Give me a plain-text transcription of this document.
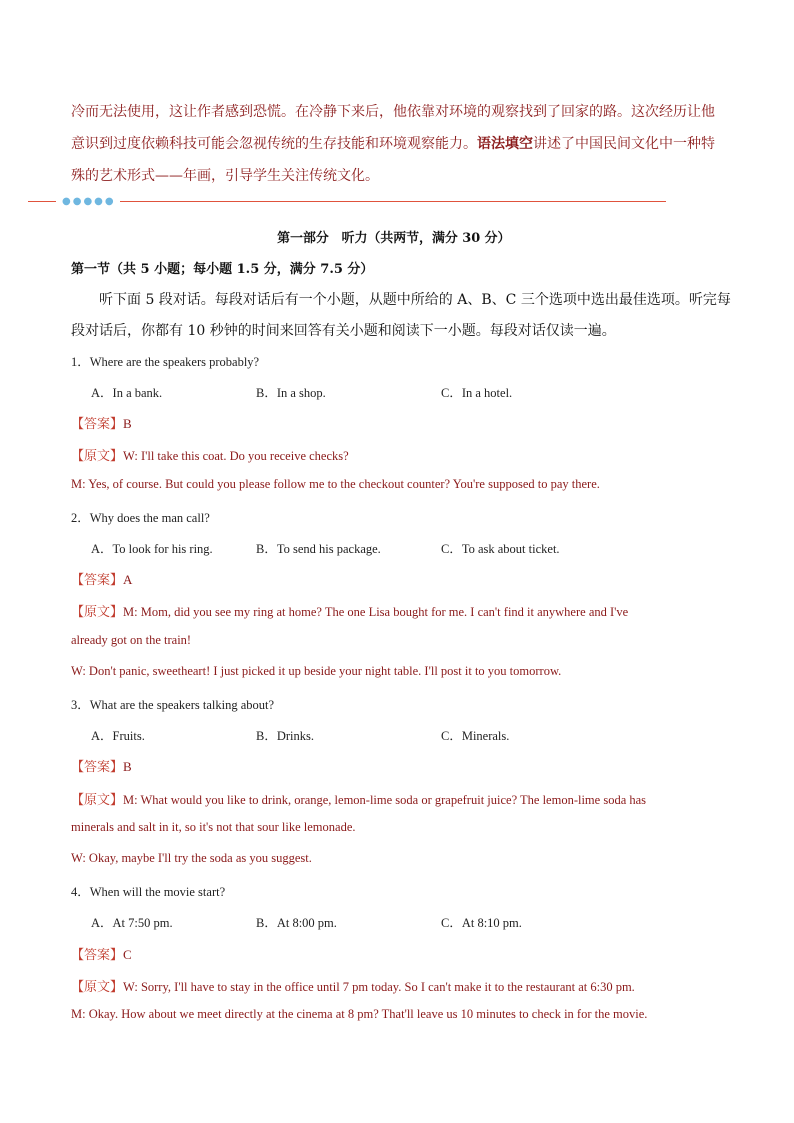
冷而无法使用，这让作者感到恐慌。在冷静下来后，他依靠对环境的观察找到了回家的路。这次经历让他
意识到过度依赖科技可能会忽视传统的生存技能和环境观察能力。语法填空讲述了中国民间文化中一种特
殊的艺术形式——年画，引导学生关注传统文化。
●●●●●
第一部分　听力（共两节，满分 30 分）
第一节（共 5 小题；每小题 1.5 分，满分 7.5 分）
听下面 5 段对话。每段对话后有一个小题，从题中所给的 A、B、C 三个选项中选出最佳选项。听完每
段对话后，你都有 10 秒钟的时间来回答有关小题和阅读下一小题。每段对话仅读一遍。
1．Where are the speakers probably?
A．In a bank.	B．In a shop.	C．In a hotel.
【答案】B
【原文】W: I'll take this coat. Do you receive checks?
M: Yes, of course. But could you please follow me to the checkout counter? You're supposed to pay there.
2．Why does the man call?
A．To look for his ring.	B．To send his package.	C．To ask about ticket.
【答案】A
【原文】M: Mom, did you see my ring at home? The one Lisa bought for me. I can't find it anywhere and I've
already got on the train!
W: Don't panic, sweetheart! I just picked it up beside your night table. I'll post it to you tomorrow.
3．What are the speakers talking about?
A．Fruits.	B．Drinks.	C．Minerals.
【答案】B
【原文】M: What would you like to drink, orange, lemon-lime soda or grapefruit juice? The lemon-lime soda has
minerals and salt in it, so it's not that sour like lemonade.
W: Okay, maybe I'll try the soda as you suggest.
4．When will the movie start?
A．At 7:50 pm.	B．At 8:00 pm.	C．At 8:10 pm.
【答案】C
【原文】W: Sorry, I'll have to stay in the office until 7 pm today. So I can't make it to the restaurant at 6:30 pm.
M: Okay. How about we meet directly at the cinema at 8 pm? That'll leave us 10 minutes to check in for the movie.
